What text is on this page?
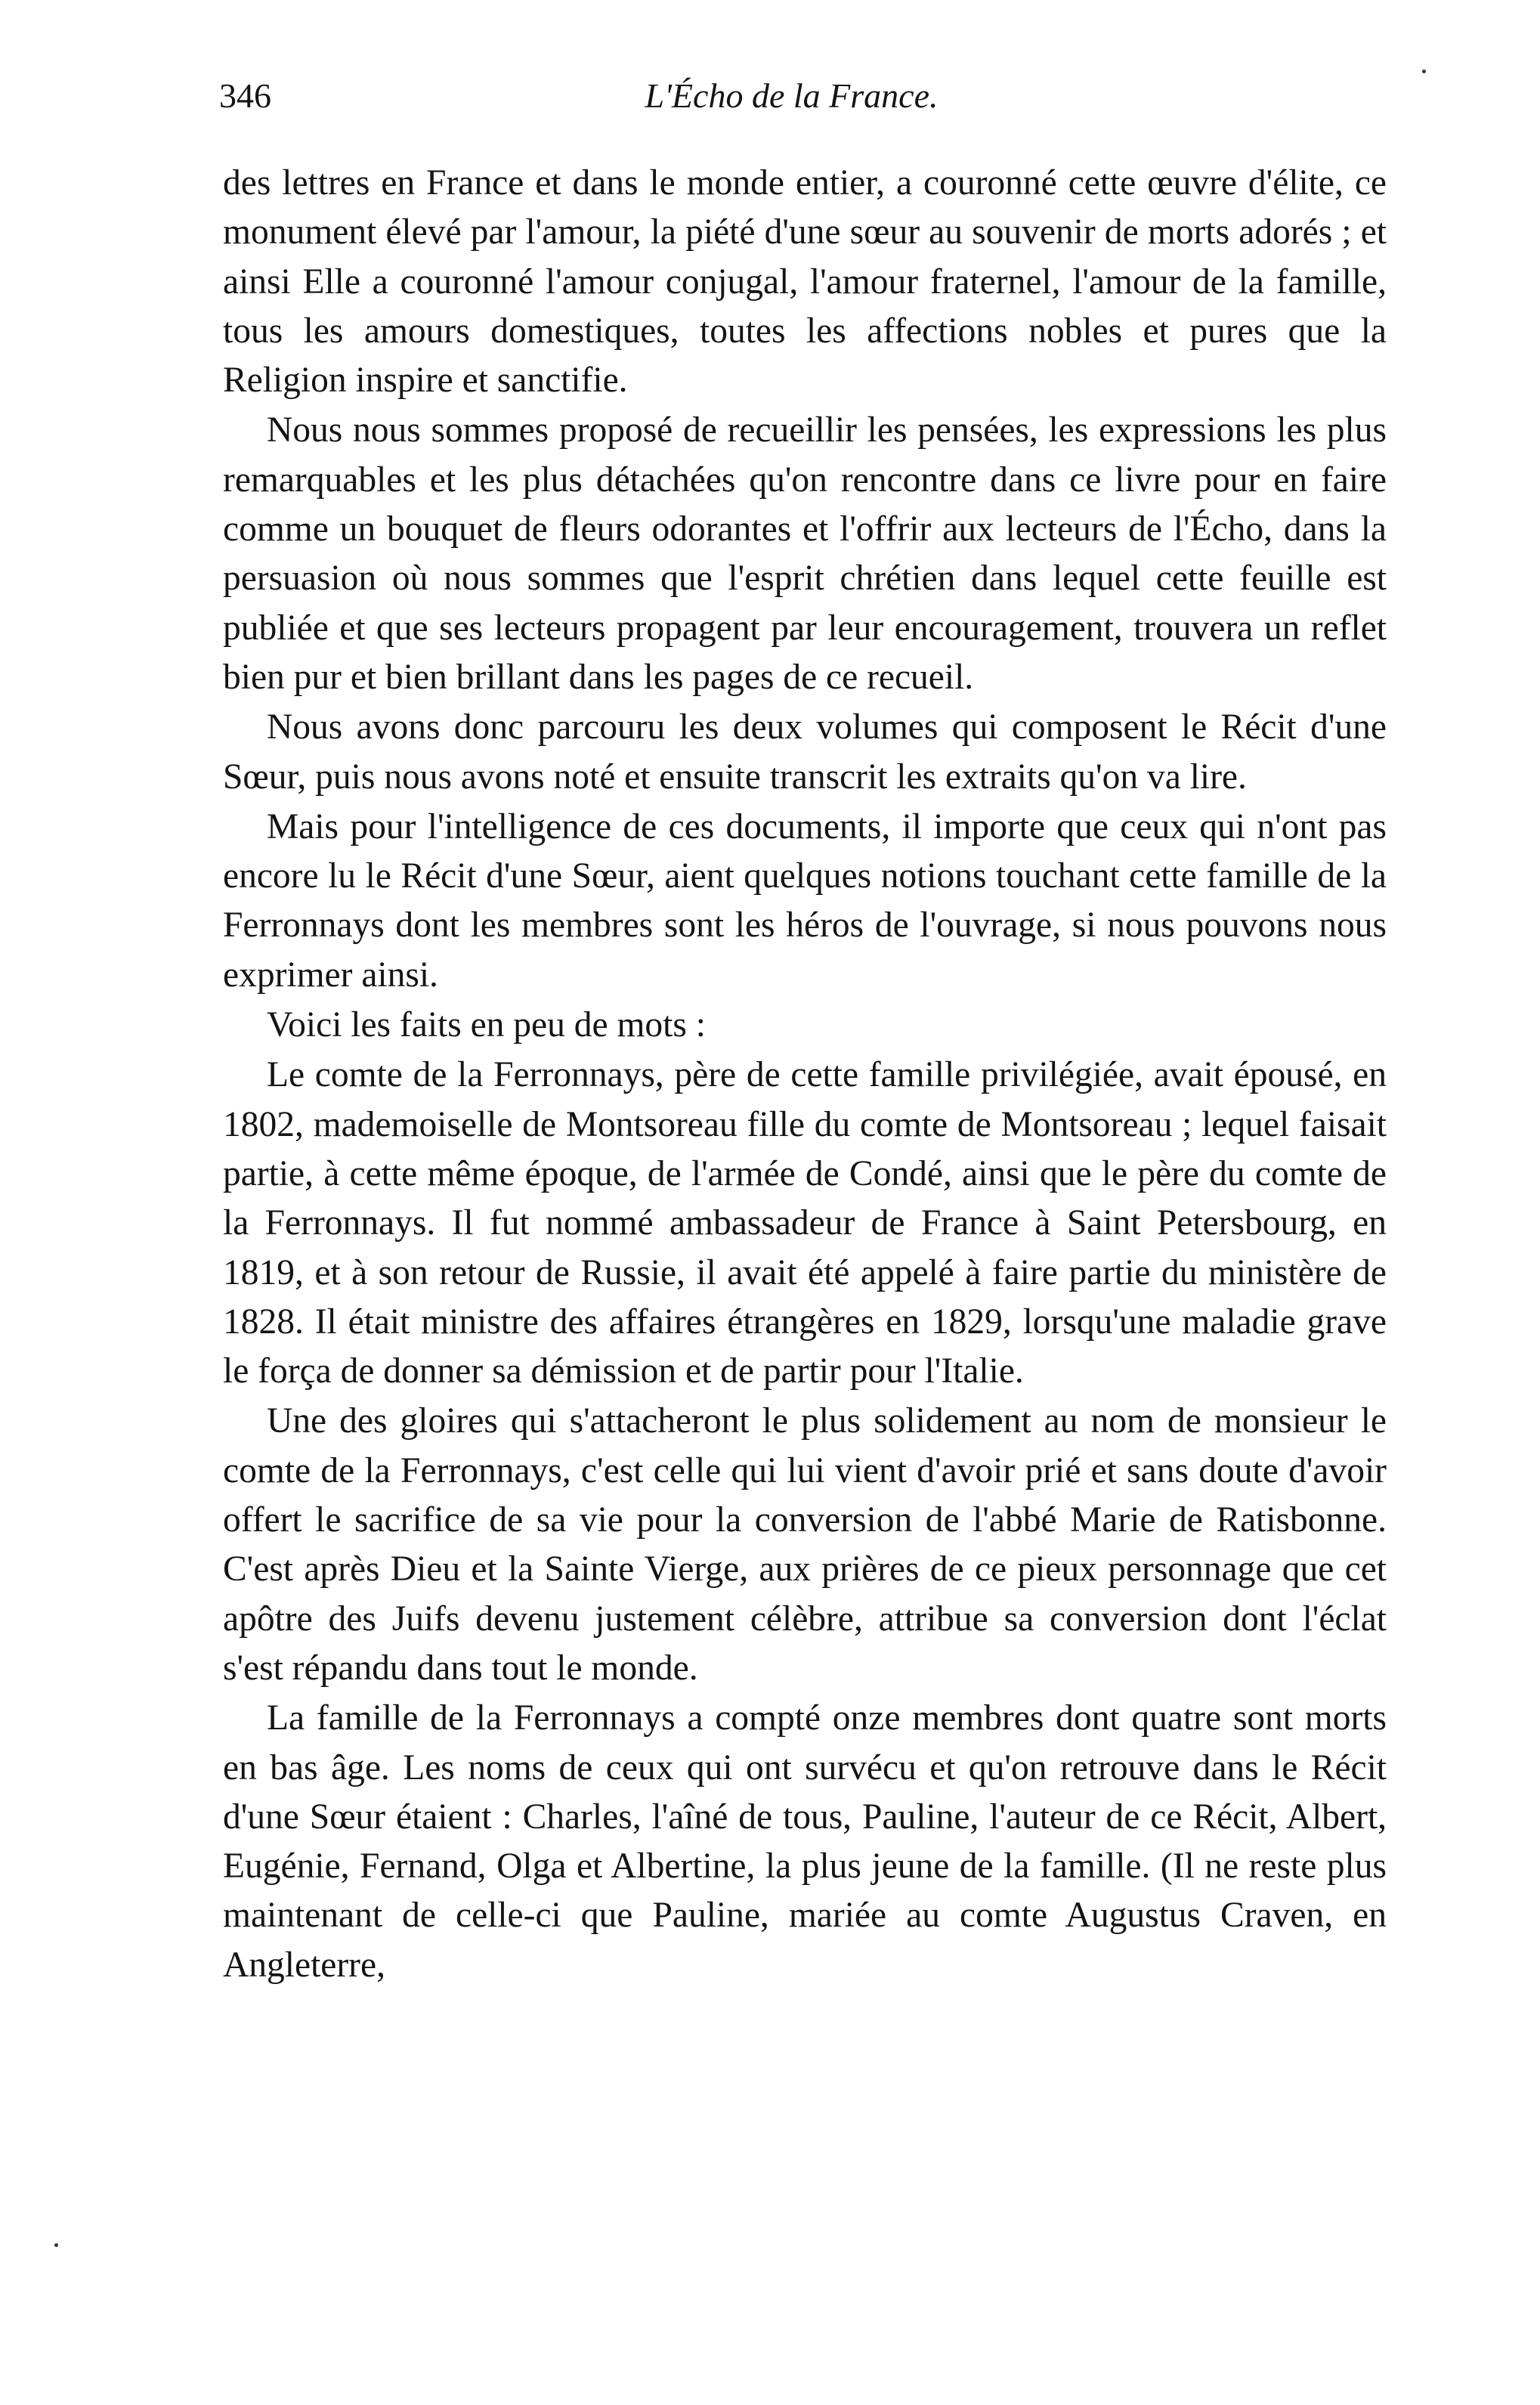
346	L'Écho de la France.

des lettres en France et dans le monde entier, a couronné cette œuvre d'élite, ce monument élevé par l'amour, la piété d'une sœur au souvenir de morts adorés ; et ainsi Elle a couronné l'amour conjugal, l'amour fraternel, l'amour de la famille, tous les amours domestiques, toutes les affections nobles et pures que la Religion inspire et sanctifie.

Nous nous sommes proposé de recueillir les pensées, les expressions les plus remarquables et les plus détachées qu'on rencontre dans ce livre pour en faire comme un bouquet de fleurs odorantes et l'offrir aux lecteurs de l'Écho, dans la persuasion où nous sommes que l'esprit chrétien dans lequel cette feuille est publiée et que ses lecteurs propagent par leur encouragement, trouvera un reflet bien pur et bien brillant dans les pages de ce recueil.

Nous avons donc parcouru les deux volumes qui composent le Récit d'une Sœur, puis nous avons noté et ensuite transcrit les extraits qu'on va lire.

Mais pour l'intelligence de ces documents, il importe que ceux qui n'ont pas encore lu le Récit d'une Sœur, aient quelques notions touchant cette famille de la Ferronnays dont les membres sont les héros de l'ouvrage, si nous pouvons nous exprimer ainsi.

Voici les faits en peu de mots :

Le comte de la Ferronnays, père de cette famille privilégiée, avait épousé, en 1802, mademoiselle de Montsoreau fille du comte de Montsoreau ; lequel faisait partie, à cette même époque, de l'armée de Condé, ainsi que le père du comte de la Ferronnays. Il fut nommé ambassadeur de France à Saint Petersbourg, en 1819, et à son retour de Russie, il avait été appelé à faire partie du ministère de 1828. Il était ministre des affaires étrangères en 1829, lorsqu'une maladie grave le força de donner sa démission et de partir pour l'Italie.

Une des gloires qui s'attacheront le plus solidement au nom de monsieur le comte de la Ferronnays, c'est celle qui lui vient d'avoir prié et sans doute d'avoir offert le sacrifice de sa vie pour la conversion de l'abbé Marie de Ratisbonne. C'est après Dieu et la Sainte Vierge, aux prières de ce pieux personnage que cet apôtre des Juifs devenu justement célèbre, attribue sa conversion dont l'éclat s'est répandu dans tout le monde.

La famille de la Ferronnays a compté onze membres dont quatre sont morts en bas âge. Les noms de ceux qui ont survécu et qu'on retrouve dans le Récit d'une Sœur étaient : Charles, l'aîné de tous, Pauline, l'auteur de ce Récit, Albert, Eugénie, Fernand, Olga et Albertine, la plus jeune de la famille. (Il ne reste plus maintenant de celle-ci que Pauline, mariée au comte Augustus Craven, en Angleterre,
